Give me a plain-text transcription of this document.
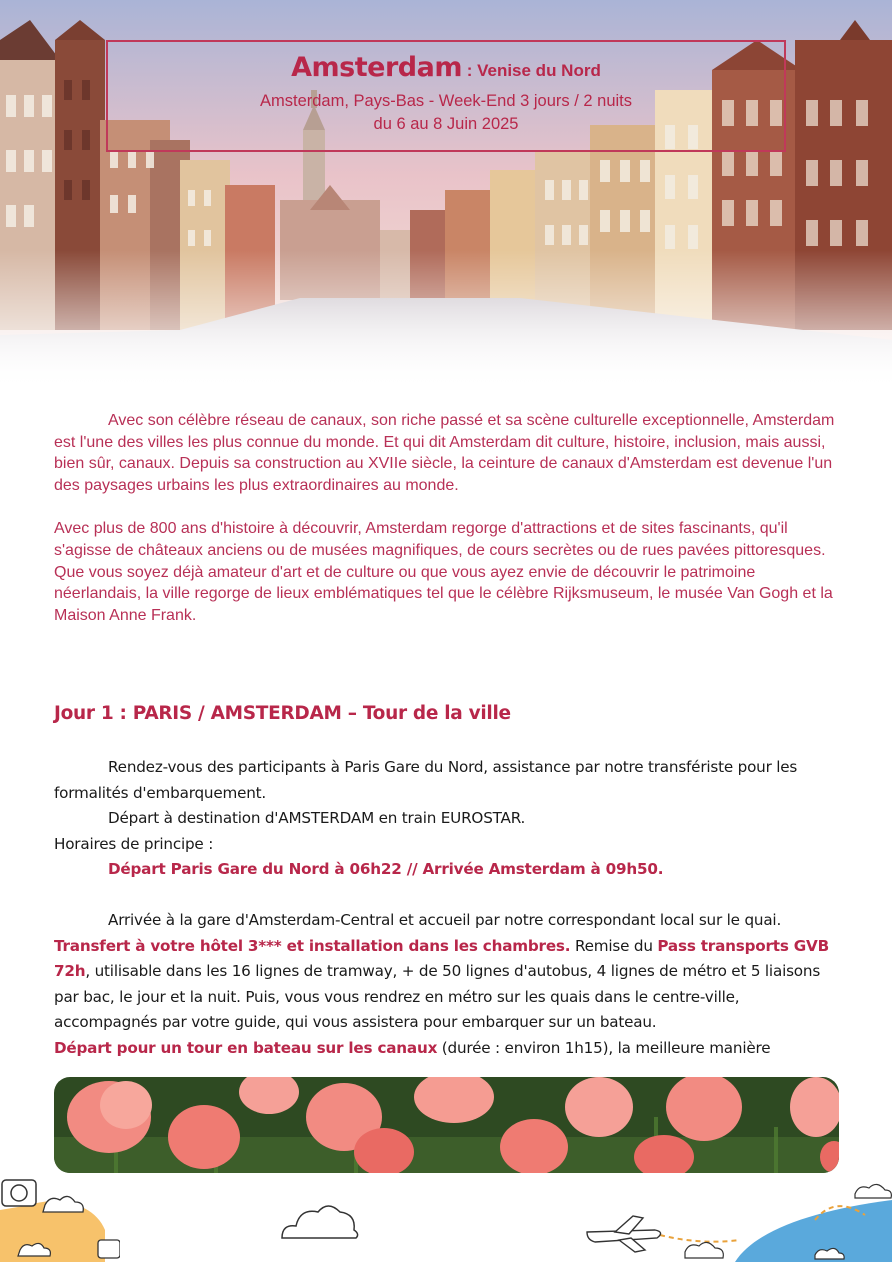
Amsterdam : Venise du Nord
Amsterdam, Pays-Bas - Week-End 3 jours / 2 nuits
du 6 au 8 Juin 2025

Avec son célèbre réseau de canaux, son riche passé et sa scène culturelle exceptionnelle, Amsterdam est l'une des villes les plus connue du monde. Et qui dit Amsterdam dit culture, histoire, inclusion, mais aussi, bien sûr, canaux. Depuis sa construction au XVIIe siècle, la ceinture de canaux d'Amsterdam est devenue l'un des paysages urbains les plus extraordinaires au monde.

Avec plus de 800 ans d'histoire à découvrir, Amsterdam regorge d'attractions et de sites fascinants, qu'il s'agisse de châteaux anciens ou de musées magnifiques, de cours secrètes ou de rues pavées pittoresques. Que vous soyez déjà amateur d'art et de culture ou que vous ayez envie de découvrir le patrimoine néerlandais, la ville regorge de lieux emblématiques tel que le célèbre Rijksmuseum, le musée Van Gogh et la Maison Anne Frank.

Jour 1 : PARIS / AMSTERDAM – Tour de la ville

Rendez-vous des participants à Paris Gare du Nord, assistance par notre transfériste pour les formalités d'embarquement.

Départ à destination d'AMSTERDAM en train EUROSTAR.

Horaires de principe :

Départ Paris Gare du Nord à 06h22 // Arrivée Amsterdam à 09h50.

Arrivée à la gare d'Amsterdam-Central et accueil par notre correspondant local sur le quai. Transfert à votre hôtel 3*** et installation dans les chambres. Remise du Pass transports GVB 72h, utilisable dans les 16 lignes de tramway, + de 50 lignes d'autobus, 4 lignes de métro et 5 liaisons par bac, le jour et la nuit. Puis, vous vous rendrez en métro sur les quais dans le centre-ville, accompagnés par votre guide, qui vous assistera pour embarquer sur un bateau.

Départ pour un tour en bateau sur les canaux (durée : environ 1h15), la meilleure manière
